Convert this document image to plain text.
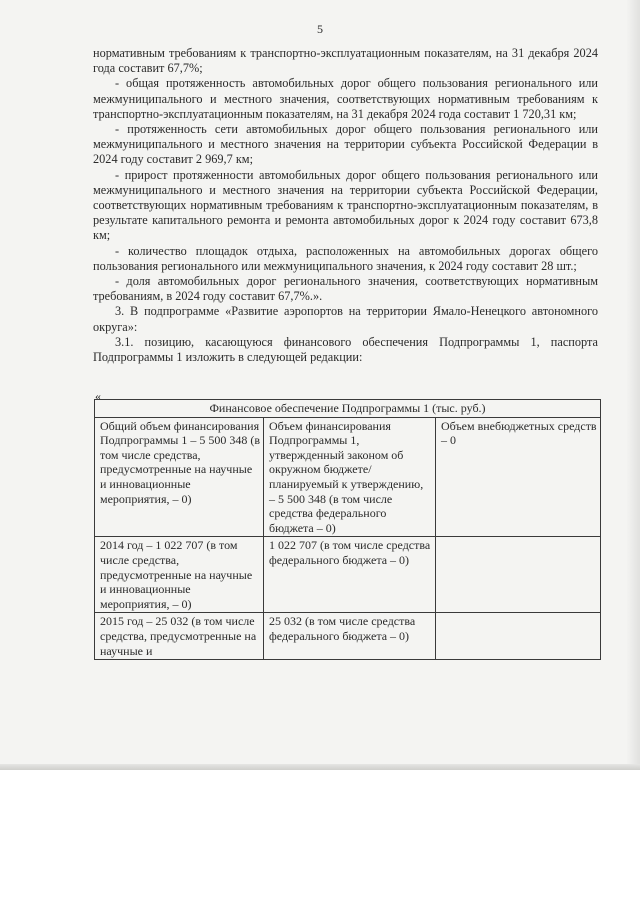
5

нормативным требованиям к транспортно-эксплуатационным показателям, на 31 декабря 2024 года составит 67,7%;

- общая протяженность автомобильных дорог общего пользования регионального или межмуниципального и местного значения, соответствующих нормативным требованиям к транспортно-эксплуатационным показателям, на 31 декабря 2024 года составит 1 720,31 км;

- протяженность сети автомобильных дорог общего пользования регионального или межмуниципального и местного значения на территории субъекта Российской Федерации в 2024 году составит 2 969,7 км;

- прирост протяженности автомобильных дорог общего пользования регионального или межмуниципального и местного значения на территории субъекта Российской Федерации, соответствующих нормативным требованиям к транспортно-эксплуатационным показателям, в результате капитального ремонта и ремонта автомобильных дорог к 2024 году составит 673,8 км;

- количество площадок отдыха, расположенных на автомобильных дорогах общего пользования регионального или межмуниципального значения, к 2024 году составит 28 шт.;

- доля автомобильных дорог регионального значения, соответствующих нормативным требованиям, в 2024 году составит 67,7%.».

3. В подпрограмме «Развитие аэропортов на территории Ямало-Ненецкого автономного округа»:

3.1. позицию, касающуюся финансового обеспечения Подпрограммы 1, паспорта Подпрограммы 1 изложить в следующей редакции:

«
Финансовое обеспечение Подпрограммы 1 (тыс. руб.)		
Общий объем финансирования Подпрограммы 1 – 5 500 348 (в том числе средства, предусмотренные на научные и инновационные мероприятия, – 0)	Объем финансирования Подпрограммы 1, утвержденный законом об окружном бюджете/планируемый к утверждению, – 5 500 348 (в том числе средства федерального бюджета – 0)	Объем внебюджетных средств – 0
2014 год – 1 022 707 (в том числе средства, предусмотренные на научные и инновационные мероприятия, – 0)	1 022 707 (в том числе средства федерального бюджета – 0)	
2015 год – 25 032 (в том числе средства, предусмотренные на научные и	25 032 (в том числе средства федерального бюджета – 0)	
